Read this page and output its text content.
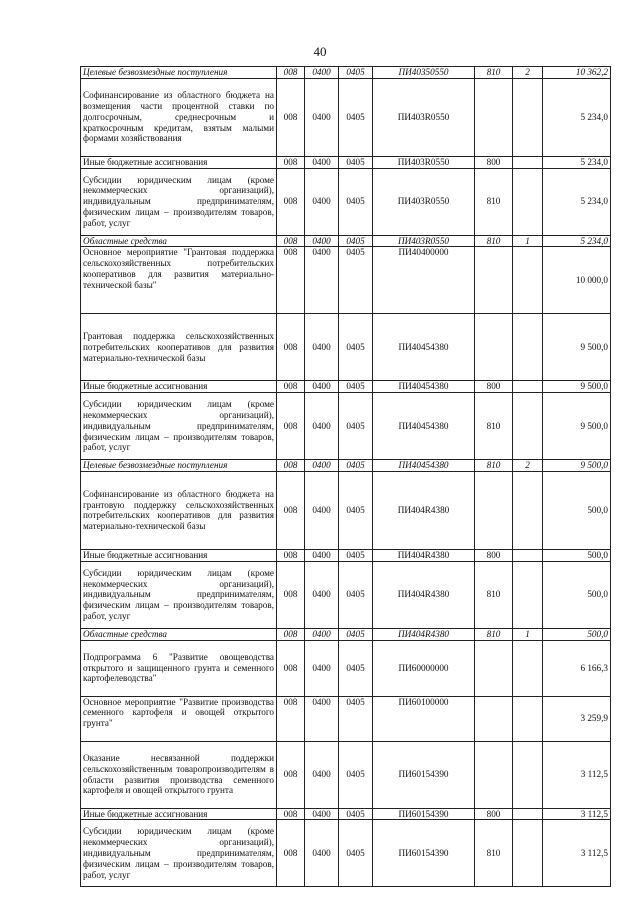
40
Целевые безвозмездные поступления	008	0400	0405	ПИ40350550	810	2	10 362,2
Софинансирование из областного бюджета на возмещения части процентной ставки по долгосрочным, среднесрочным и краткосрочным кредитам, взятым малыми формами хозяйствования	008	0400	0405	ПИ403R0550			5 234,0
Иные бюджетные ассигнования	008	0400	0405	ПИ403R0550	800		5 234,0
Субсидии юридическим лицам (кроме некоммерческих организаций), индивидуальным предпринимателям, физическим лицам – производителям товаров, работ, услуг	008	0400	0405	ПИ403R0550	810		5 234,0
Областные средства	008	0400	0405	ПИ403R0550	810	1	5 234,0
Основное мероприятие "Грантовая поддержка сельскохозяйственных потребительских кооперативов для развития материально-технической базы"	008	0400	0405	ПИ40400000			10 000,0
Грантовая поддержка сельскохозяйственных потребительских кооперативов для развития материально-технической базы	008	0400	0405	ПИ40454380			9 500,0
Иные бюджетные ассигнования	008	0400	0405	ПИ40454380	800		9 500,0
Субсидии юридическим лицам (кроме некоммерческих организаций), индивидуальным предпринимателям, физическим лицам – производителям товаров, работ, услуг	008	0400	0405	ПИ40454380	810		9 500,0
Целевые безвозмездные поступления	008	0400	0405	ПИ40454380	810	2	9 500,0
Софинансирование из областного бюджета на грантовую поддержку сельскохозяйственных потребительских кооперативов для развития материально-технической базы	008	0400	0405	ПИ404R4380			500,0
Иные бюджетные ассигнования	008	0400	0405	ПИ404R4380	800		500,0
Субсидии юридическим лицам (кроме некоммерческих организаций), индивидуальным предпринимателям, физическим лицам – производителям товаров, работ, услуг	008	0400	0405	ПИ404R4380	810		500,0
Областные средства	008	0400	0405	ПИ404R4380	810	1	500,0
Подпрограмма 6 "Развитие овощеводства открытого и защищенного грунта и семенного картофелеводства"	008	0400	0405	ПИ60000000			6 166,3
Основное мероприятие "Развитие производства семенного картофеля и овощей открытого грунта"	008	0400	0405	ПИ60100000			3 259,9
Оказание несвязанной поддержки сельскохозяйственным товаропроизводителям в области развития производства семенного картофеля и овощей открытого грунта	008	0400	0405	ПИ60154390			3 112,5
Иные бюджетные ассигнования	008	0400	0405	ПИ60154390	800		3 112,5
Субсидии юридическим лицам (кроме некоммерческих организаций), индивидуальным предпринимателям, физическим лицам – производителям товаров, работ, услуг	008	0400	0405	ПИ60154390	810		3 112,5
